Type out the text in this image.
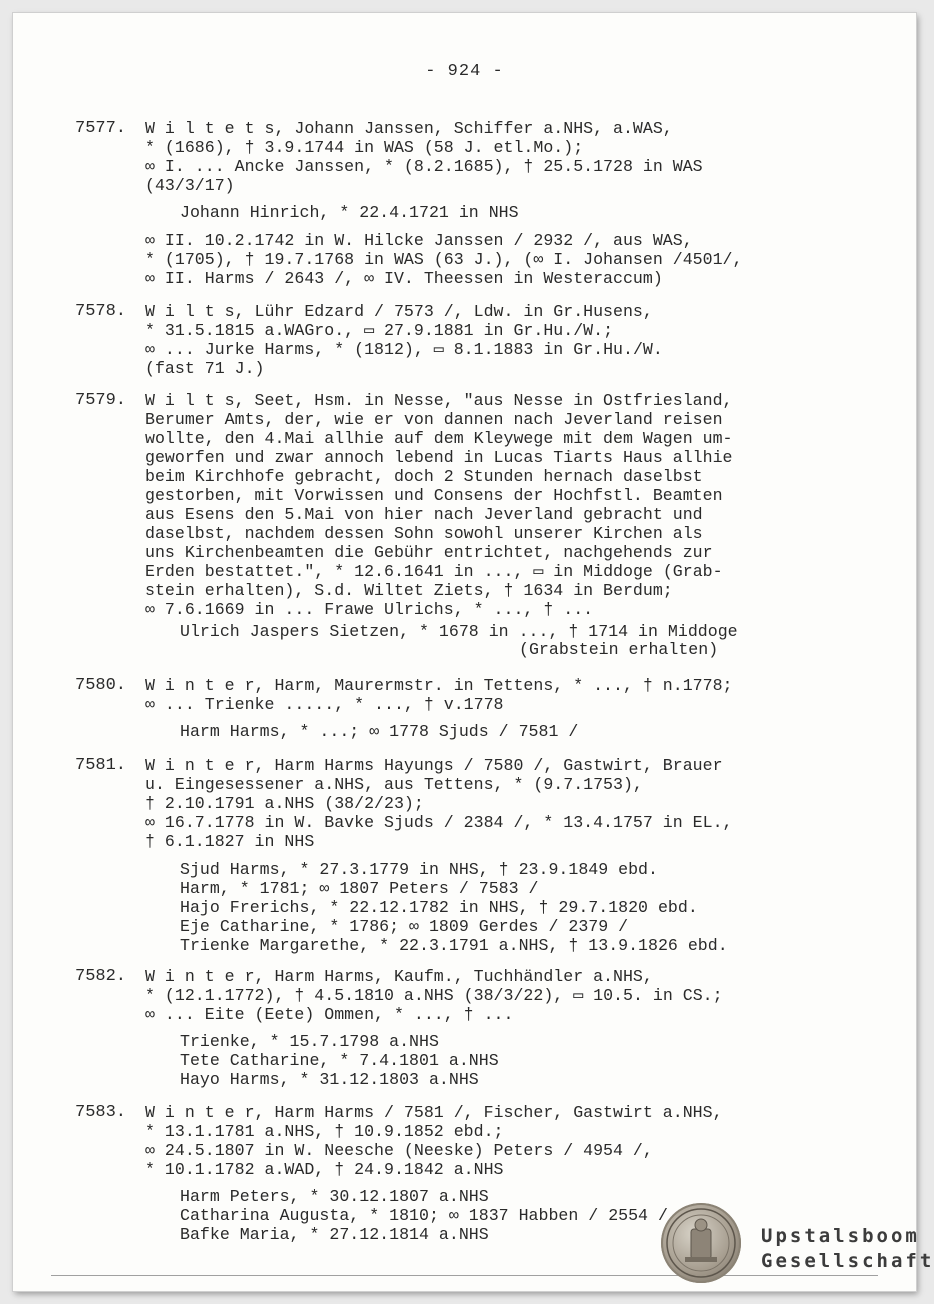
- 924 -
7577. W i l t e t s, Johann Janssen, Schiffer a.NHS, a.WAS,
* (1686), † 3.9.1744 in WAS (58 J. etl.Mo.);
∞ I. ... Ancke Janssen, * (8.2.1685), † 25.5.1728 in WAS
(43/3/17)
Johann Hinrich, * 22.4.1721 in NHS
∞ II. 10.2.1742 in W. Hilcke Janssen / 2932 /, aus WAS,
* (1705), † 19.7.1768 in WAS (63 J.), (∞ I. Johansen /4501/,
∞ II. Harms / 2643 /, ∞ IV. Theessen in Westeraccum)
7578. W i l t s, Lühr Edzard / 7573 /, Ldw. in Gr.Husens,
* 31.5.1815 a.WAGro., ▭ 27.9.1881 in Gr.Hu./W.;
∞ ... Jurke Harms, * (1812), ▭ 8.1.1883 in Gr.Hu./W.
(fast 71 J.)
7579. W i l t s, Seet, Hsm. in Nesse, "aus Nesse in Ostfriesland,
Berumer Amts, der, wie er von dannen nach Jeverland reisen
wollte, den 4.Mai allhie auf dem Kleywege mit dem Wagen um-
geworfen und zwar annoch lebend in Lucas Tiarts Haus allhie
beim Kirchhofe gebracht, doch 2 Stunden hernach daselbst
gestorben, mit Vorwissen und Consens der Hochfstl. Beamten
aus Esens den 5.Mai von hier nach Jeverland gebracht und
daselbst, nachdem dessen Sohn sowohl unserer Kirchen als
uns Kirchenbeamten die Gebühr entrichtet, nachgehends zur
Erden bestattet.", * 12.6.1641 in ..., ▭ in Middoge (Grab-
stein erhalten), S.d. Wiltet Ziets, † 1634 in Berdum;
∞ 7.6.1669 in ... Frawe Ulrichs, * ..., † ...
Ulrich Jaspers Sietzen, * 1678 in ..., † 1714 in Middoge
(Grabstein erhalten)
7580. W i n t e r, Harm, Maurermstr. in Tettens, * ..., † n.1778;
∞ ... Trienke ....., * ..., † v.1778
Harm Harms, * ...; ∞ 1778 Sjuds / 7581 /
7581. W i n t e r, Harm Harms Hayungs / 7580 /, Gastwirt, Brauer
u. Eingesessener a.NHS, aus Tettens, * (9.7.1753),
† 2.10.1791 a.NHS (38/2/23);
∞ 16.7.1778 in W. Bavke Sjuds / 2384 /, * 13.4.1757 in EL.,
† 6.1.1827 in NHS
Sjud Harms, * 27.3.1779 in NHS, † 23.9.1849 ebd.
Harm, * 1781; ∞ 1807 Peters / 7583 /
Hajo Frerichs, * 22.12.1782 in NHS, † 29.7.1820 ebd.
Eje Catharine, * 1786; ∞ 1809 Gerdes / 2379 /
Trienke Margarethe, * 22.3.1791 a.NHS, † 13.9.1826 ebd.
7582. W i n t e r, Harm Harms, Kaufm., Tuchhändler a.NHS,
* (12.1.1772), † 4.5.1810 a.NHS (38/3/22), ▭ 10.5. in CS.;
∞ ... Eite (Eete) Ommen, * ..., † ...
Trienke, * 15.7.1798 a.NHS
Tete Catharine, * 7.4.1801 a.NHS
Hayo Harms, * 31.12.1803 a.NHS
7583. W i n t e r, Harm Harms / 7581 /, Fischer, Gastwirt a.NHS,
* 13.1.1781 a.NHS, † 10.9.1852 ebd.;
∞ 24.5.1807 in W. Neesche (Neeske) Peters / 4954 /,
* 10.1.1782 a.WAD, † 24.9.1842 a.NHS
Harm Peters, * 30.12.1807 a.NHS
Catharina Augusta, * 1810; ∞ 1837 Habben / 2554 /
Bafke Maria, * 27.12.1814 a.NHS	Upstalsboom
Gesellschaft
